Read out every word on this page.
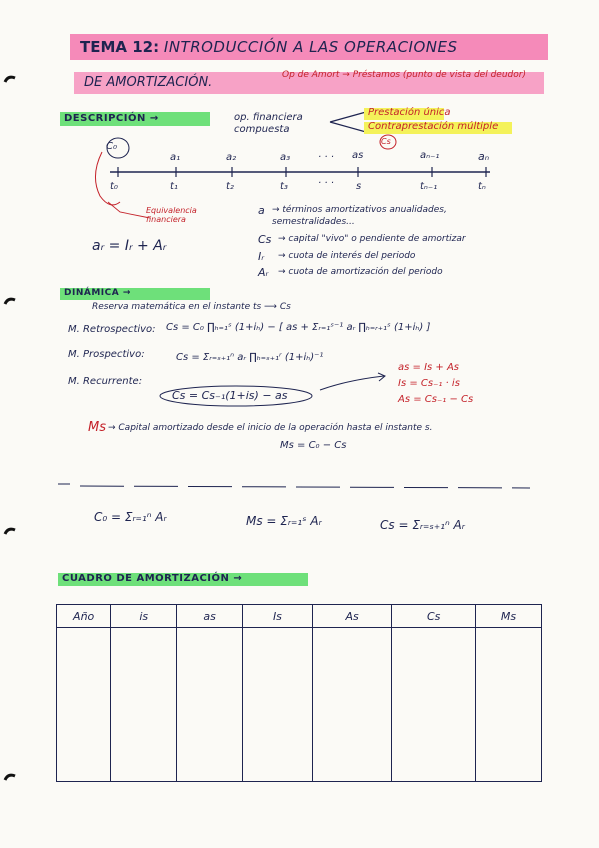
TEMA 12: INTRODUCCIÓN A LAS OPERACIONES
DE AMORTIZACIÓN.	Op de Amort → Préstamos (punto de vista del deudor)
DESCRIPCIÓN →	op. financiera compuesta
Prestación única
Contraprestación múltiple
C₀	Cs
a₁	a₂	a₃	· · · as	aₙ₋₁	aₙ
t₀	t₁	t₂	t₃	· · · s	tₙ₋₁	tₙ
Equivalencia financiera
aᵣ = Iᵣ + Aᵣ
a → términos amortizativos anualidades, semestralidades...
Cs → capital "vivo" o pendiente de amortizar
Iᵣ → cuota de interés del periodo
Aᵣ → cuota de amortización del periodo
DINÁMICA →
Reserva matemática en el instante ts ⟶ Cs
M. Retrospectivo: Cs = C₀ ∏ₕ₌₁ˢ (1+iₕ) − [ as + Σᵣ₌₁ˢ⁻¹ aᵣ ∏ₕ₌ᵣ₊₁ˢ (1+iₕ) ]
M. Prospectivo:	Cs = Σᵣ₌ₛ₊₁ⁿ aᵣ ∏ₕ₌ₛ₊₁ʳ (1+iₕ)⁻¹
M. Recurrente:
Cs = Cs₋₁(1+is) − as
as = Is + As
Is = Cs₋₁ · is
As = Cs₋₁ − Cs
Ms → Capital amortizado desde el inicio de la operación hasta el instante s.
Ms = C₀ − Cs
C₀ = Σᵣ₌₁ⁿ Aᵣ	Ms = Σᵣ₌₁ˢ Aᵣ	Cs = Σᵣ₌ₛ₊₁ⁿ Aᵣ
CUADRO DE AMORTIZACIÓN →
Año	is	as	Is	As	Cs	Ms
